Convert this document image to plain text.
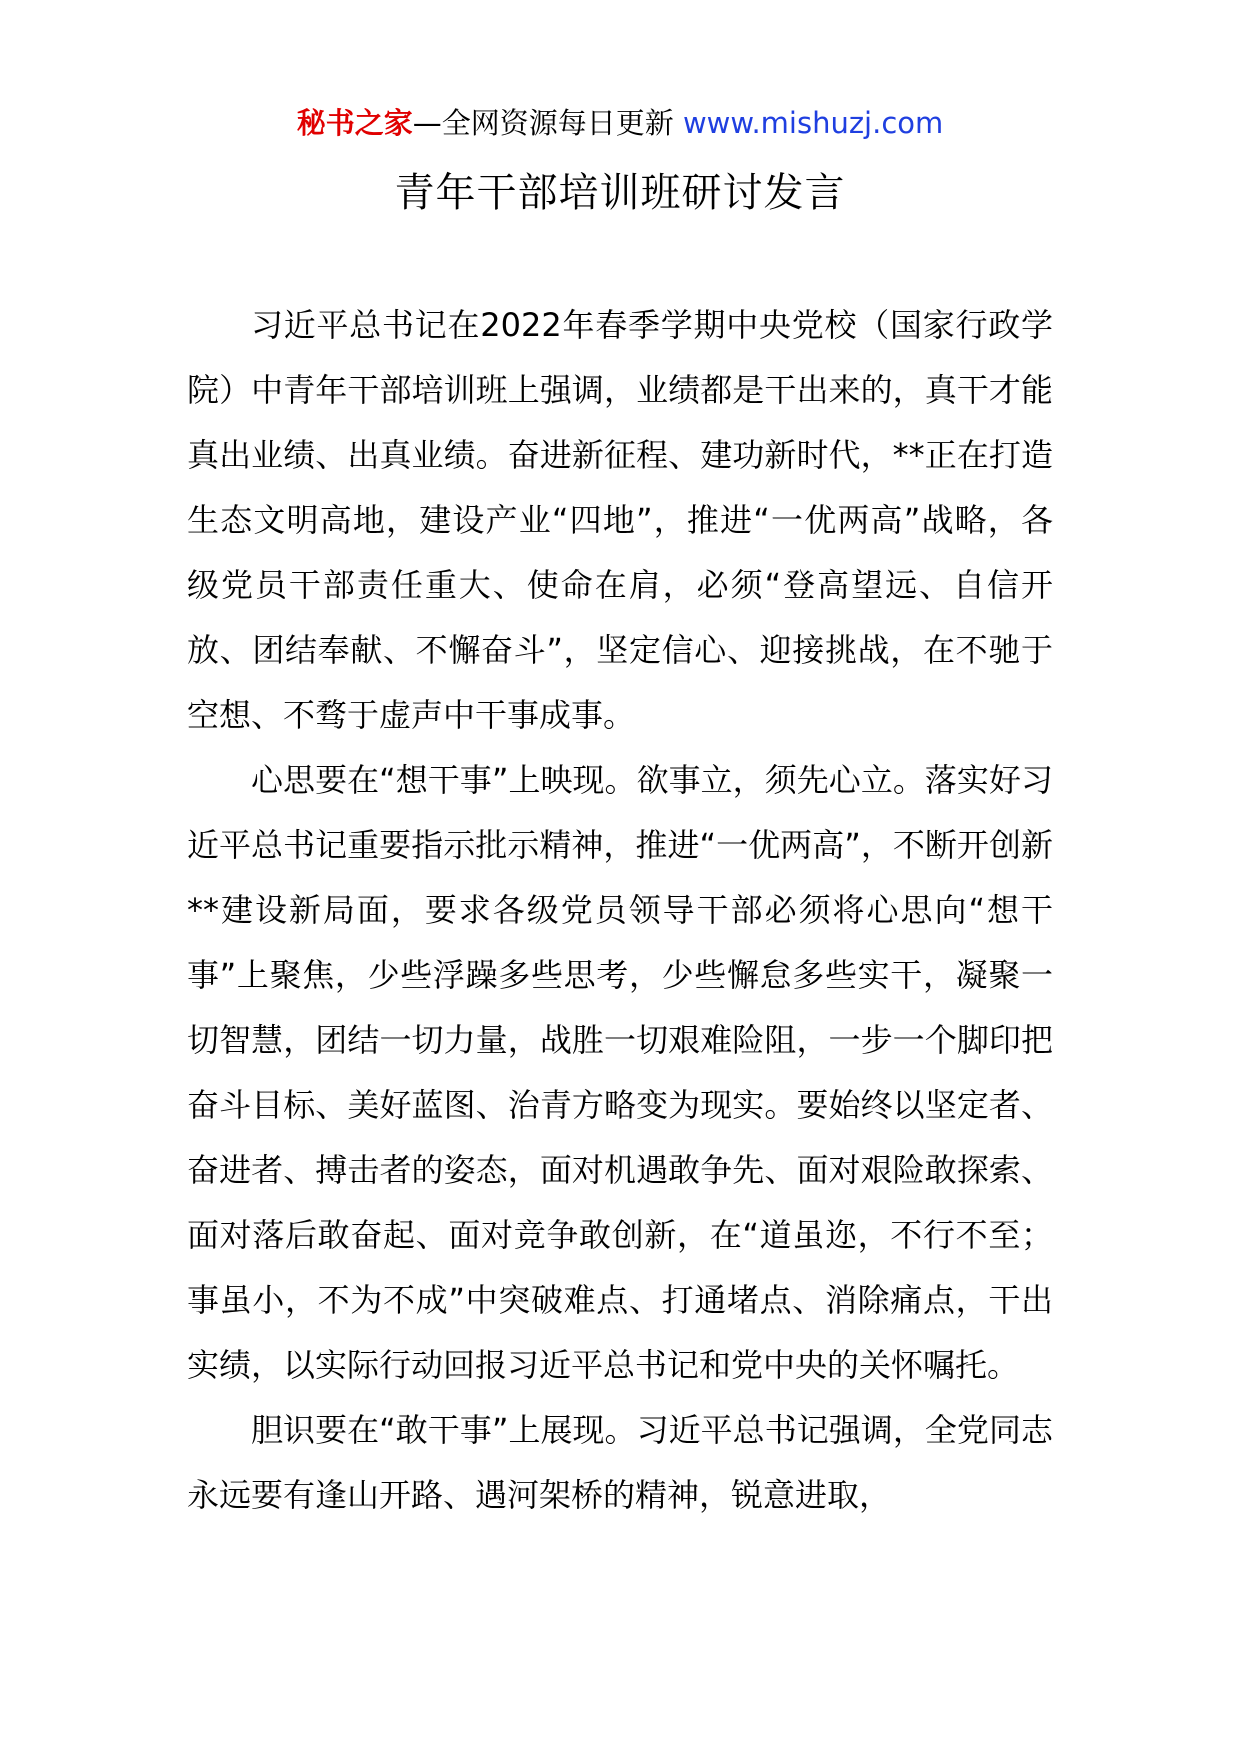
秘书之家—全网资源每日更新 www.mishuzj.com
青年干部培训班研讨发言

习近平总书记在2022年春季学期中央党校（国家行政学院）中青年干部培训班上强调，业绩都是干出来的，真干才能真出业绩、出真业绩。奋进新征程、建功新时代，**正在打造生态文明高地，建设产业“四地”，推进“一优两高”战略，各级党员干部责任重大、使命在肩，必须“登高望远、自信开放、团结奉献、不懈奋斗”，坚定信心、迎接挑战，在不驰于空想、不骛于虚声中干事成事。

心思要在“想干事”上映现。欲事立，须先心立。落实好习近平总书记重要指示批示精神，推进“一优两高”，不断开创新**建设新局面，要求各级党员领导干部必须将心思向“想干事”上聚焦，少些浮躁多些思考，少些懈怠多些实干，凝聚一切智慧，团结一切力量，战胜一切艰难险阻，一步一个脚印把奋斗目标、美好蓝图、治青方略变为现实。要始终以坚定者、奋进者、搏击者的姿态，面对机遇敢争先、面对艰险敢探索、面对落后敢奋起、面对竞争敢创新，在“道虽迩，不行不至；事虽小，不为不成”中突破难点、打通堵点、消除痛点，干出实绩，以实际行动回报习近平总书记和党中央的关怀嘱托。

胆识要在“敢干事”上展现。习近平总书记强调，全党同志永远要有逢山开路、遇河架桥的精神，锐意进取，
